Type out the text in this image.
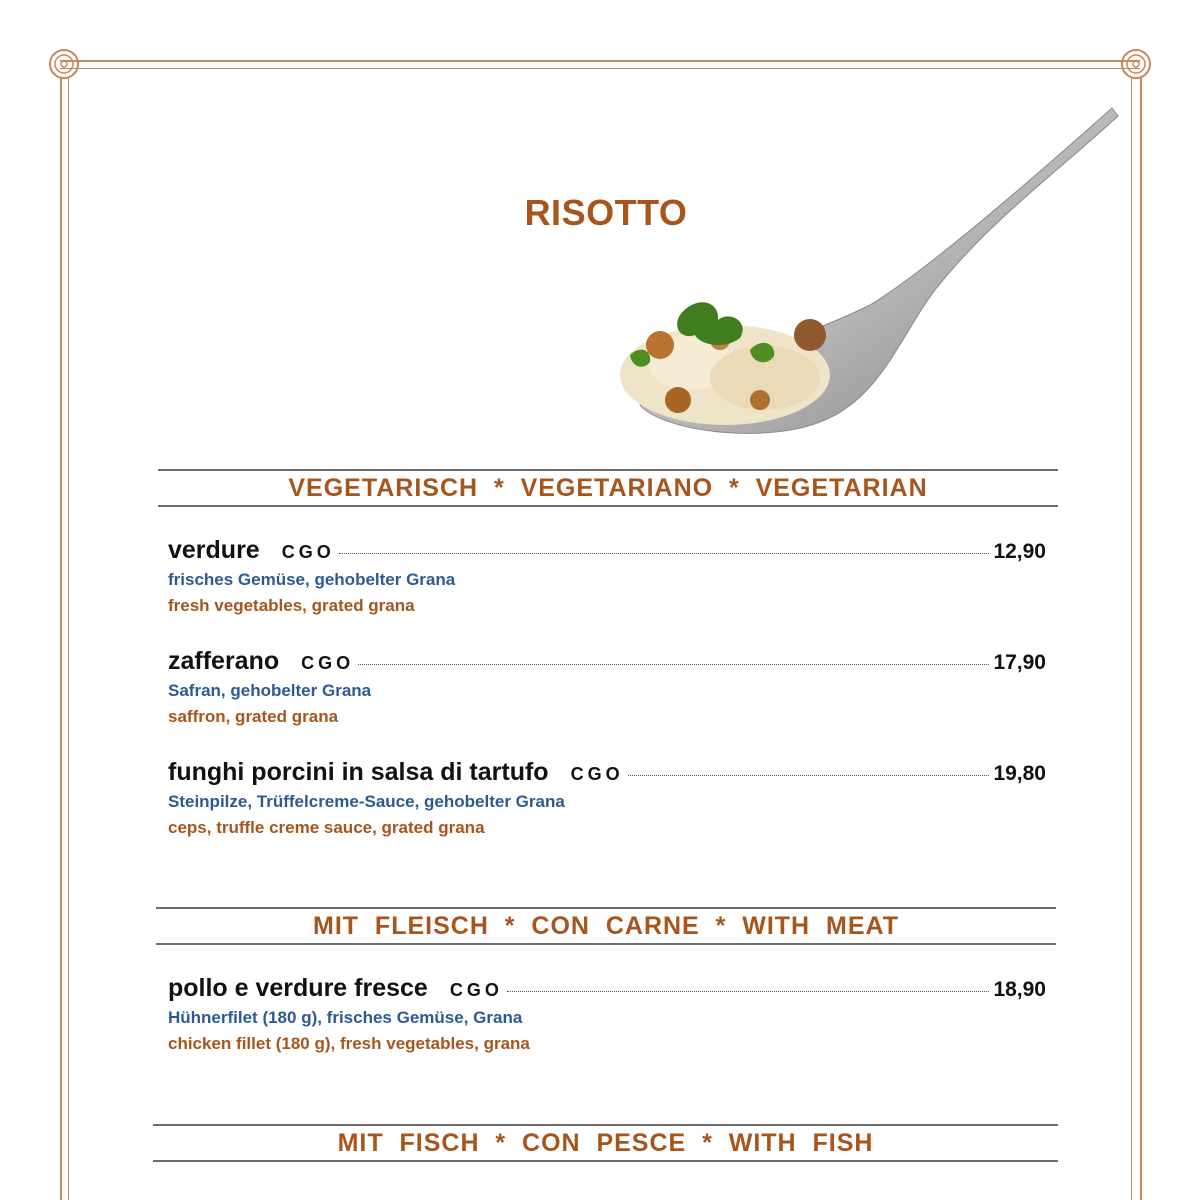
RISOTTO
VEGETARISCH  *  VEGETARIANO  *  VEGETARIAN
verdure CGO	12,90
frisches Gemüse, gehobelter Grana
fresh vegetables, grated grana
zafferano CGO	17,90
Safran, gehobelter Grana
saffron, grated grana
funghi porcini in salsa di tartufo CGO	19,80
Steinpilze, Trüffelcreme-Sauce, gehobelter Grana
ceps, truffle creme sauce, grated grana
MIT  FLEISCH  *  CON  CARNE  *  WITH  MEAT
pollo e verdure fresce CGO	18,90
Hühnerfilet (180 g), frisches Gemüse, Grana
chicken fillet (180 g), fresh vegetables, grana
MIT  FISCH  *  CON  PESCE  *  WITH  FISH
